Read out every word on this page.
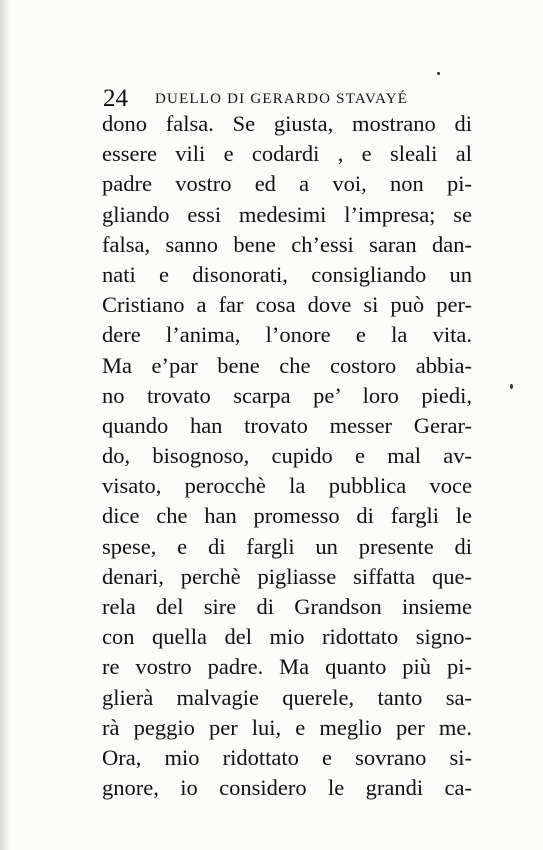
24 DUELLO DI GERARDO STAVAYÉ
dono falsa. Se giusta, mostrano di
essere vili e codardi , e sleali al
padre vostro ed a voi, non pi-
gliando essi medesimi l’impresa; se
falsa, sanno bene ch’essi saran dan-
nati e disonorati, consigliando un
Cristiano a far cosa dove si può per-
dere l’anima, l’onore e la vita.
Ma e’par bene che costoro abbia-
no trovato scarpa pe’ loro piedi,
quando han trovato messer Gerar-
do, bisognoso, cupido e mal av-
visato, perocchè la pubblica voce
dice che han promesso di fargli le
spese, e di fargli un presente di
denari, perchè pigliasse siffatta que-
rela del sire di Grandson insieme
con quella del mio ridottato signo-
re vostro padre. Ma quanto più pi-
glierà malvagie querele, tanto sa-
rà peggio per lui, e meglio per me.
Ora, mio ridottato e sovrano si-
gnore, io considero le grandi ca-
